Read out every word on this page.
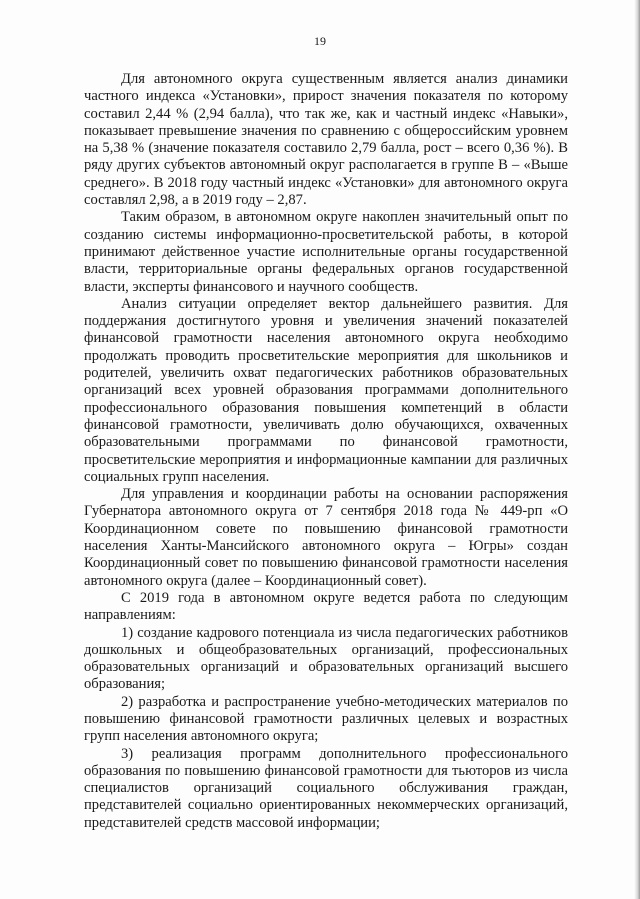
19

Для автономного округа существенным является анализ динамики частного индекса «Установки», прирост значения показателя по которому составил 2,44 % (2,94 балла), что так же, как и частный индекс «Навыки», показывает превышение значения по сравнению с общероссийским уровнем на 5,38 % (значение показателя составило 2,79 балла, рост – всего 0,36 %). В ряду других субъектов автономный округ располагается в группе В – «Выше среднего». В 2018 году частный индекс «Установки» для автономного округа составлял 2,98, а в 2019 году – 2,87.

Таким образом, в автономном округе накоплен значительный опыт по созданию системы информационно-просветительской работы, в которой принимают действенное участие исполнительные органы государственной власти, территориальные органы федеральных органов государственной власти, эксперты финансового и научного сообществ.

Анализ ситуации определяет вектор дальнейшего развития. Для поддержания достигнутого уровня и увеличения значений показателей финансовой грамотности населения автономного округа необходимо продолжать проводить просветительские мероприятия для школьников и родителей, увеличить охват педагогических работников образовательных организаций всех уровней образования программами дополнительного профессионального образования повышения компетенций в области финансовой грамотности, увеличивать долю обучающихся, охваченных образовательными программами по финансовой грамотности, просветительские мероприятия и информационные кампании для различных социальных групп населения.

Для управления и координации работы на основании распоряжения Губернатора автономного округа от 7 сентября 2018 года № 449-рп «О Координационном совете по повышению финансовой грамотности населения Ханты-Мансийского автономного округа – Югры» создан Координационный совет по повышению финансовой грамотности населения автономного округа (далее – Координационный совет).

С 2019 года в автономном округе ведется работа по следующим направлениям:

1) создание кадрового потенциала из числа педагогических работников дошкольных и общеобразовательных организаций, профессиональных образовательных организаций и образовательных организаций высшего образования;

2) разработка и распространение учебно-методических материалов по повышению финансовой грамотности различных целевых и возрастных групп населения автономного округа;

3) реализация программ дополнительного профессионального образования по повышению финансовой грамотности для тьюторов из числа специалистов организаций социального обслуживания граждан, представителей социально ориентированных некоммерческих организаций, представителей средств массовой информации;
